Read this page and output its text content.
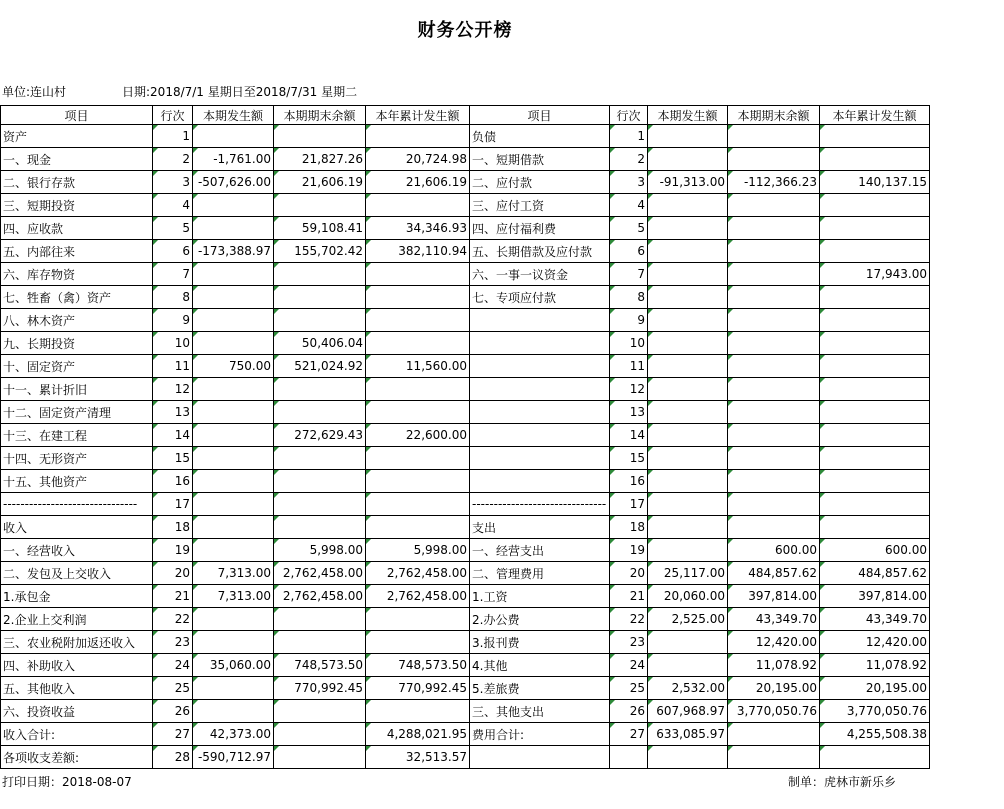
财务公开榜
单位:连山村	日期:2018/7/1 星期日至2018/7/31 星期二
项目	行次	本期发生额	本期期末余额	本年累计发生额	项目	行次	本期发生额	本期期末余额	本年累计发生额
资产	1				负债	1			
一、现金	2	-1,761.00	21,827.26	20,724.98	一、短期借款	2			
二、银行存款	3	-507,626.00	21,606.19	21,606.19	二、应付款	3	-91,313.00	-112,366.23	140,137.15
三、短期投资	4				三、应付工资	4			
四、应收款	5		59,108.41	34,346.93	四、应付福利费	5			
五、内部往来	6	-173,388.97	155,702.42	382,110.94	五、长期借款及应付款	6			
六、库存物资	7				六、一事一议资金	7			17,943.00
七、牲畜（禽）资产	8				七、专项应付款	8			
八、林木资产	9					9			
九、长期投资	10		50,406.04			10			
十、固定资产	11	750.00	521,024.92	11,560.00		11			
十一、累计折旧	12					12			
十二、固定资产清理	13					13			
十三、在建工程	14		272,629.43	22,600.00		14			
十四、无形资产	15					15			
十五、其他资产	16					16			
-------------------------------	17				-------------------------------	17			
收入	18				支出	18			
一、经营收入	19		5,998.00	5,998.00	一、经营支出	19		600.00	600.00
二、发包及上交收入	20	7,313.00	2,762,458.00	2,762,458.00	二、管理费用	20	25,117.00	484,857.62	484,857.62
1.承包金	21	7,313.00	2,762,458.00	2,762,458.00	1.工资	21	20,060.00	397,814.00	397,814.00
2.企业上交利润	22				2.办公费	22	2,525.00	43,349.70	43,349.70
三、农业税附加返还收入	23				3.报刊费	23		12,420.00	12,420.00
四、补助收入	24	35,060.00	748,573.50	748,573.50	4.其他	24		11,078.92	11,078.92
五、其他收入	25		770,992.45	770,992.45	5.差旅费	25	2,532.00	20,195.00	20,195.00
六、投资收益	26				三、其他支出	26	607,968.97	3,770,050.76	3,770,050.76
收入合计:	27	42,373.00		4,288,021.95	费用合计:	27	633,085.97		4,255,508.38
各项收支差额:	28	-590,712.97		32,513.57					
打印日期：2018-08-07	制单：虎林市新乐乡
